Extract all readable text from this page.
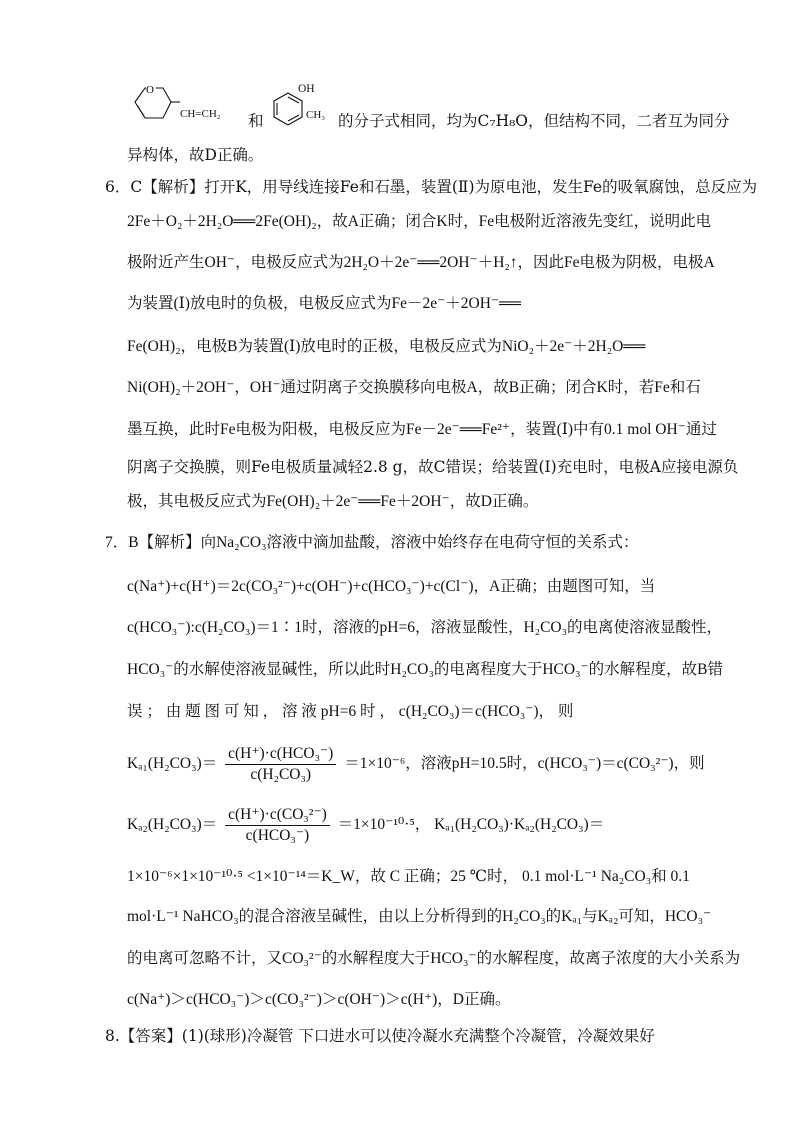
O
CH=CH₂ 和
OH
CH₃ 的分子式相同，均为C₇H₈O，但结构不同，二者互为同分
异构体，故D正确。
6．C【解析】打开K，用导线连接Fe和石墨，装置(Ⅱ)为原电池，发生Fe的吸氧腐蚀，总反应为
2Fe＋O₂＋2H₂O══2Fe(OH)₂，故A正确；闭合K时，Fe电极附近溶液先变红，说明此电
极附近产生OH⁻，电极反应式为2H₂O＋2e⁻══2OH⁻＋H₂↑，因此Fe电极为阴极，电极A
为装置(Ⅰ)放电时的负极，电极反应式为Fe－2e⁻＋2OH⁻══
Fe(OH)₂，电极B为装置(Ⅰ)放电时的正极，电极反应式为NiO₂＋2e⁻＋2H₂O══
Ni(OH)₂＋2OH⁻，OH⁻通过阴离子交换膜移向电极A，故B正确；闭合K时，若Fe和石
墨互换，此时Fe电极为阳极，电极反应为Fe－2e⁻══Fe²⁺，装置(Ⅰ)中有0.1 mol OH⁻通过
阴离子交换膜，则Fe电极质量减轻2.8 g，故C错误；给装置(Ⅰ)充电时，电极A应接电源负
极，其电极反应式为Fe(OH)₂＋2e⁻══Fe＋2OH⁻，故D正确。
7．B【解析】向Na₂CO₃溶液中滴加盐酸，溶液中始终存在电荷守恒的关系式：
c(Na⁺)+c(H⁺)＝2c(CO₃²⁻)+c(OH⁻)+c(HCO₃⁻)+c(Cl⁻)，A正确；由题图可知，当
c(HCO₃⁻):c(H₂CO₃)＝1∶1时，溶液的pH=6，溶液显酸性，H₂CO₃的电离使溶液显酸性，
HCO₃⁻的水解使溶液显碱性，所以此时H₂CO₃的电离程度大于HCO₃⁻的水解程度，故B错
误 ； 由 题 图 可 知 ， 溶 液 pH=6 时 ， c(H₂CO₃)＝c(HCO₃⁻)， 则
$K_{a1}(H_2CO_3)= \frac{\text{c(H⁺)·c(HCO₃⁻)}}{\text{c(H₂CO₃)}} =1\times 10^{-6}$，溶液pH=10.5时，c(HCO₃⁻)＝c(CO₃²⁻)，则
$K_{a2}(H_2CO_3)= \frac{\text{c(H⁺)·c(CO₃²⁻)}}{\text{c(HCO₃⁻)}} =1\times 10^{-10}\cdot^5$， Kₐ₁(H₂CO₃)·Kₐ₂(H₂CO₃)＝
1×10⁻⁶×1×10⁻¹⁰·⁵ <1×10⁻¹⁴＝K_W，故 C 正确；25 ℃时， 0.1 mol·L⁻¹ Na₂CO₃和 0.1
mol·L⁻¹ NaHCO₃的混合溶液呈碱性，由以上分析得到的H₂CO₃的Kₐ₁与Kₐ₂可知，HCO₃⁻
的电离可忽略不计，又CO₃²⁻的水解程度大于HCO₃⁻的水解程度，故离子浓度的大小关系为
c(Na⁺)＞c(HCO₃⁻)＞c(CO₃²⁻)＞c(OH⁻)＞c(H⁺)，D正确。
8.【答案】(1)(球形)冷凝管 下口进水可以使冷凝水充满整个冷凝管，冷凝效果好
